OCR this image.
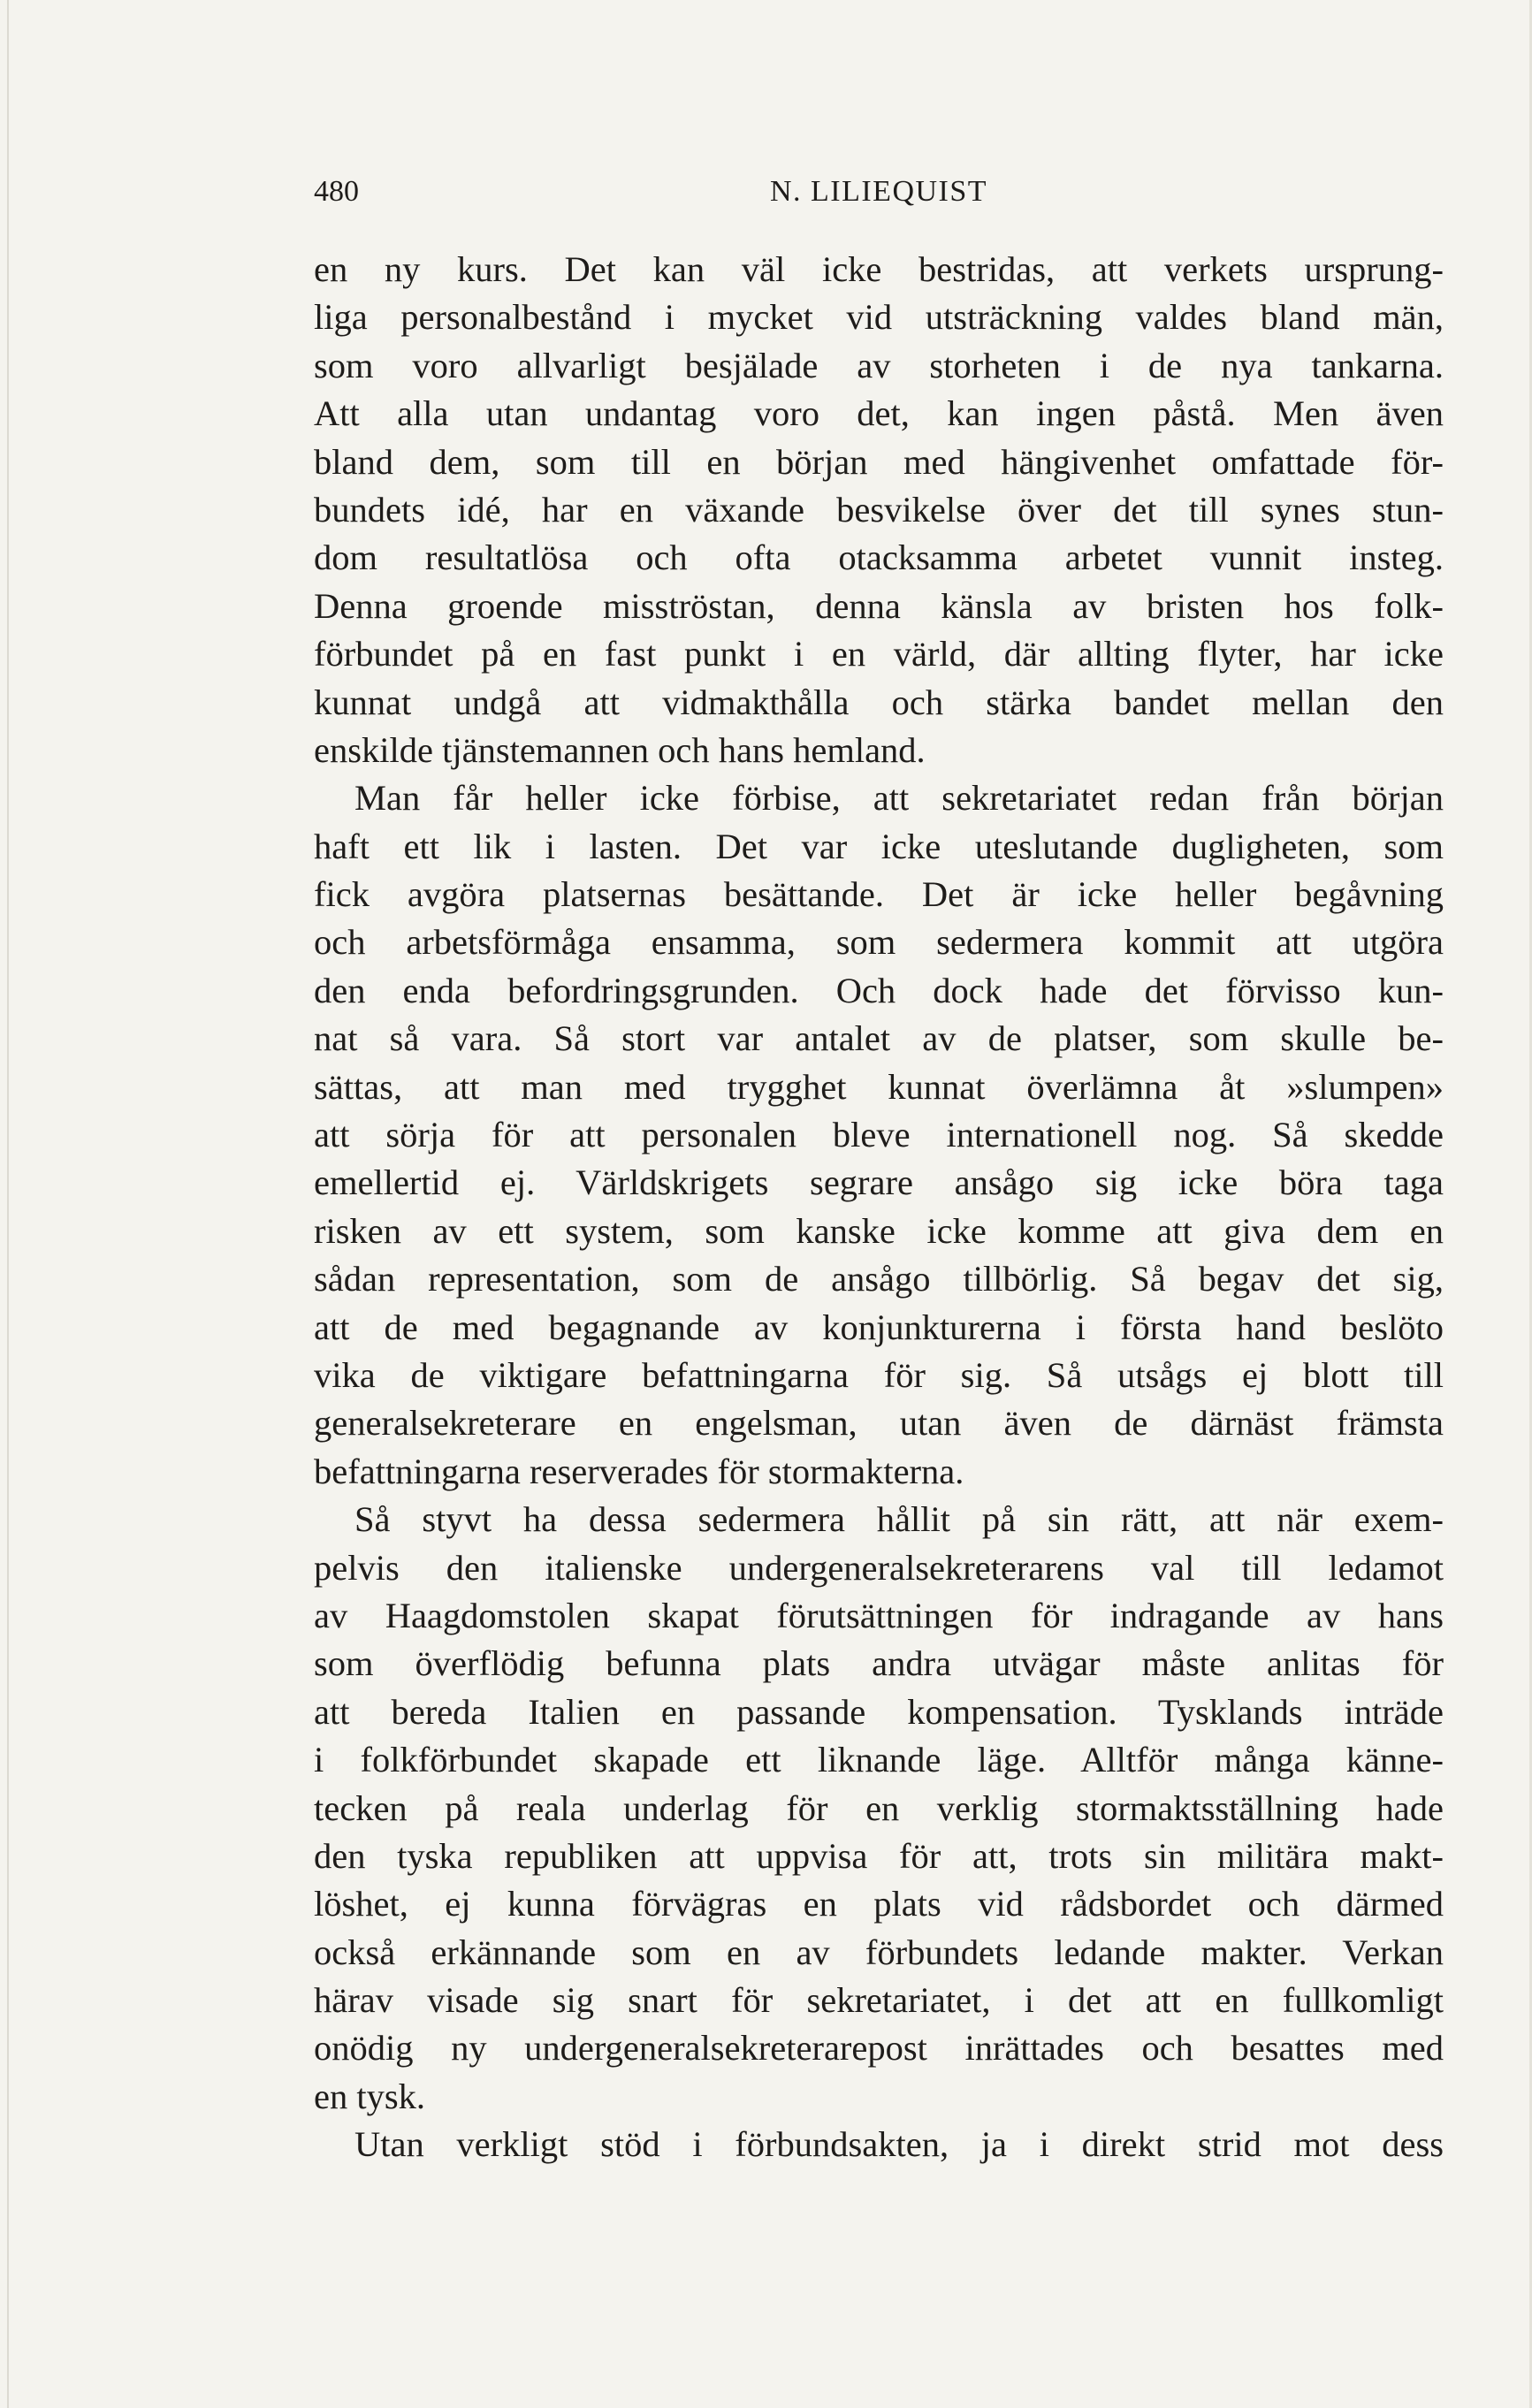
480	N. LILIEQUIST
en ny kurs. Det kan väl icke bestridas, att verkets ursprung-
liga personalbestånd i mycket vid utsträckning valdes bland män,
som voro allvarligt besjälade av storheten i de nya tankarna.
Att alla utan undantag voro det, kan ingen påstå. Men även
bland dem, som till en början med hängivenhet omfattade för-
bundets idé, har en växande besvikelse över det till synes stun-
dom resultatlösa och ofta otacksamma arbetet vunnit insteg.
Denna groende misströstan, denna känsla av bristen hos folk-
förbundet på en fast punkt i en värld, där allting flyter, har icke
kunnat undgå att vidmakthålla och stärka bandet mellan den
enskilde tjänstemannen och hans hemland.
Man får heller icke förbise, att sekretariatet redan från början
haft ett lik i lasten. Det var icke uteslutande dugligheten, som
fick avgöra platsernas besättande. Det är icke heller begåvning
och arbetsförmåga ensamma, som sedermera kommit att utgöra
den enda befordringsgrunden. Och dock hade det förvisso kun-
nat så vara. Så stort var antalet av de platser, som skulle be-
sättas, att man med trygghet kunnat överlämna åt »slumpen»
att sörja för att personalen bleve internationell nog. Så skedde
emellertid ej. Världskrigets segrare ansågo sig icke böra taga
risken av ett system, som kanske icke komme att giva dem en
sådan representation, som de ansågo tillbörlig. Så begav det sig,
att de med begagnande av konjunkturerna i första hand beslöto
vika de viktigare befattningarna för sig. Så utsågs ej blott till
generalsekreterare en engelsman, utan även de därnäst främsta
befattningarna reserverades för stormakterna.
Så styvt ha dessa sedermera hållit på sin rätt, att när exem-
pelvis den italienske undergeneralsekreterarens val till ledamot
av Haagdomstolen skapat förutsättningen för indragande av hans
som överflödig befunna plats andra utvägar måste anlitas för
att bereda Italien en passande kompensation. Tysklands inträde
i folkförbundet skapade ett liknande läge. Alltför många känne-
tecken på reala underlag för en verklig stormaktsställning hade
den tyska republiken att uppvisa för att, trots sin militära makt-
löshet, ej kunna förvägras en plats vid rådsbordet och därmed
också erkännande som en av förbundets ledande makter. Verkan
härav visade sig snart för sekretariatet, i det att en fullkomligt
onödig ny undergeneralsekreterarepost inrättades och besattes med
en tysk.
Utan verkligt stöd i förbundsakten, ja i direkt strid mot dess
